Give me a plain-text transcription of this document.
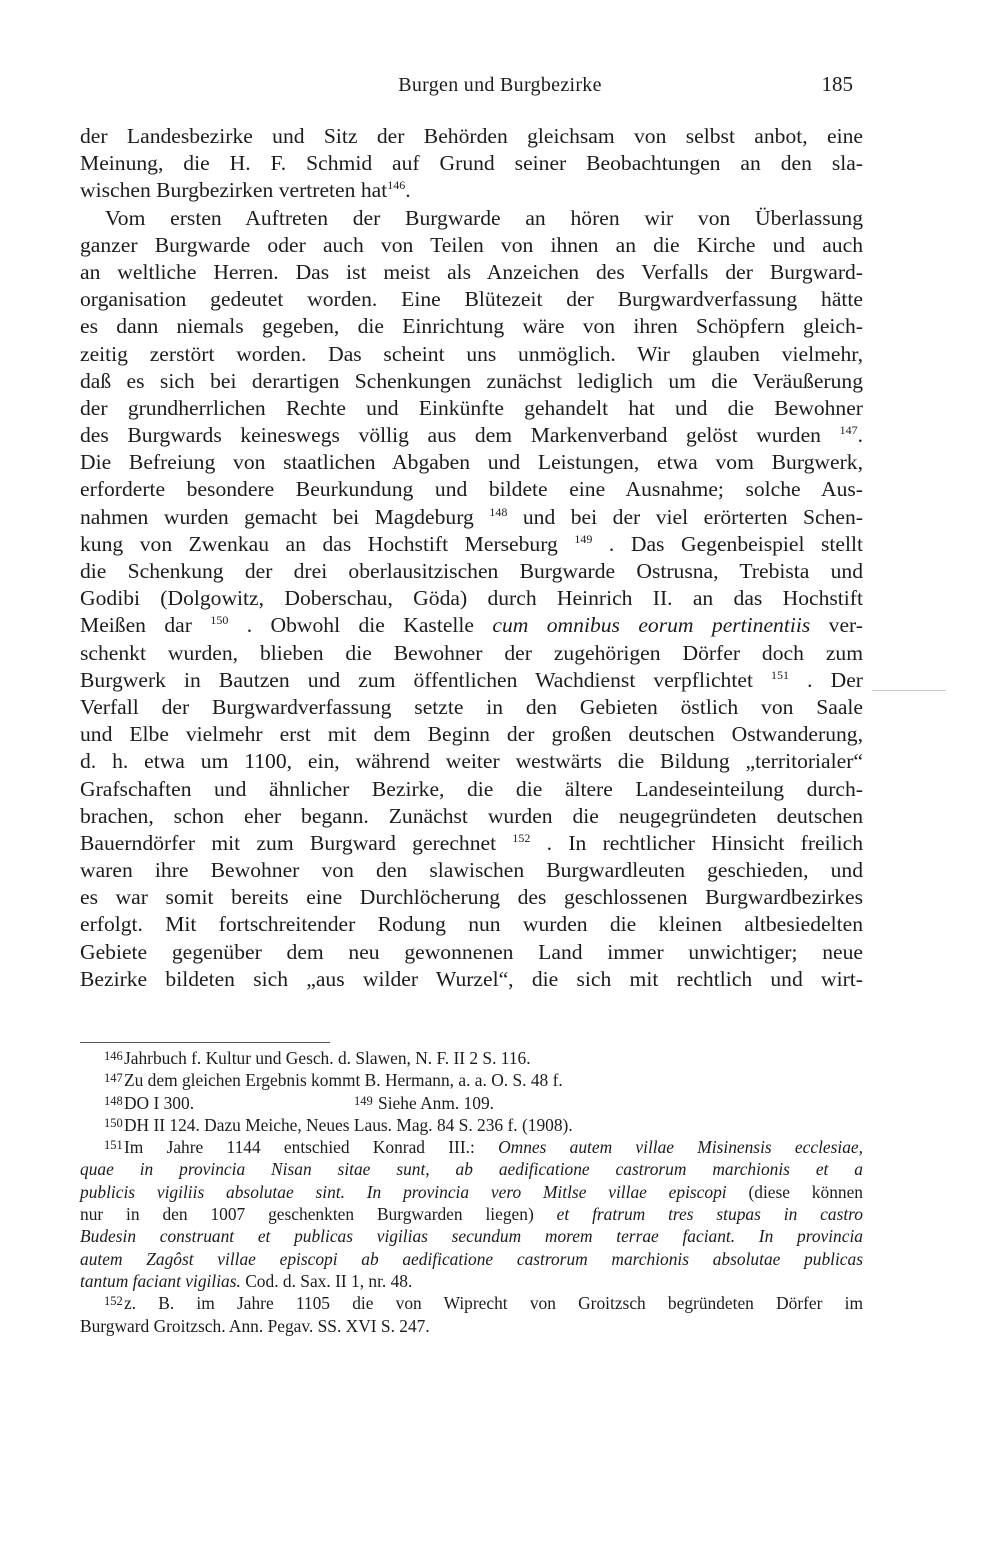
Burgen und Burgbezirke	185
der Landesbezirke und Sitz der Behörden gleichsam von selbst anbot, eine
Meinung, die H. F. Schmid auf Grund seiner Beobachtungen an den sla-
wischen Burgbezirken vertreten hat$^{146}$.
Vom ersten Auftreten der Burgwarde an hören wir von Überlassung
ganzer Burgwarde oder auch von Teilen von ihnen an die Kirche und auch
an weltliche Herren. Das ist meist als Anzeichen des Verfalls der Burgward-
organisation gedeutet worden. Eine Blütezeit der Burgwardverfassung hätte
es dann niemals gegeben, die Einrichtung wäre von ihren Schöpfern gleich-
zeitig zerstört worden. Das scheint uns unmöglich. Wir glauben vielmehr,
daß es sich bei derartigen Schenkungen zunächst lediglich um die Veräußerung
der grundherrlichen Rechte und Einkünfte gehandelt hat und die Bewohner
des Burgwards keineswegs völlig aus dem Markenverband gelöst wurden $^{147}$.
Die Befreiung von staatlichen Abgaben und Leistungen, etwa vom Burgwerk,
erforderte besondere Beurkundung und bildete eine Ausnahme; solche Aus-
nahmen wurden gemacht bei Magdeburg $^{148}$ und bei der viel erörterten Schen-
kung von Zwenkau an das Hochstift Merseburg $^{149}$ . Das Gegenbeispiel stellt
die Schenkung der drei oberlausitzischen Burgwarde Ostrusna, Trebista und
Godibi (Dolgowitz, Doberschau, Göda) durch Heinrich II. an das Hochstift
Meißen dar $^{150}$ . Obwohl die Kastelle cum omnibus eorum pertinentiis ver-
schenkt wurden, blieben die Bewohner der zugehörigen Dörfer doch zum
Burgwerk in Bautzen und zum öffentlichen Wachdienst verpflichtet $^{151}$ . Der
Verfall der Burgwardverfassung setzte in den Gebieten östlich von Saale
und Elbe vielmehr erst mit dem Beginn der großen deutschen Ostwanderung,
d. h. etwa um 1100, ein, während weiter westwärts die Bildung „territorialer“
Grafschaften und ähnlicher Bezirke, die die ältere Landeseinteilung durch-
brachen, schon eher begann. Zunächst wurden die neugegründeten deutschen
Bauerndörfer mit zum Burgward gerechnet $^{152}$ . In rechtlicher Hinsicht freilich
waren ihre Bewohner von den slawischen Burgwardleuten geschieden, und
es war somit bereits eine Durchlöcherung des geschlossenen Burgwardbezirkes
erfolgt. Mit fortschreitender Rodung nun wurden die kleinen altbesiedelten
Gebiete gegenüber dem neu gewonnenen Land immer unwichtiger; neue
Bezirke bildeten sich „aus wilder Wurzel“, die sich mit rechtlich und wirt-
146Jahrbuch f. Kultur und Gesch. d. Slawen, N. F. II 2 S. 116.
147Zu dem gleichen Ergebnis kommt B. Hermann, a. a. O. S. 48 f.
148DO I 300.	149 Siehe Anm. 109.
150DH II 124. Dazu Meiche, Neues Laus. Mag. 84 S. 236 f. (1908).
151Im Jahre 1144 entschied Konrad III.: Omnes autem villae Misinensis ecclesiae,
quae in provincia Nisan sitae sunt, ab aedificatione castrorum marchionis et a
publicis vigiliis absolutae sint. In provincia vero Mitlse villae episcopi (diese können
nur in den 1007 geschenkten Burgwarden liegen) et fratrum tres stupas in castro
Budesin construant et publicas vigilias secundum morem terrae faciant. In provincia
autem Zagôst villae episcopi ab aedificatione castrorum marchionis absolutae publicas
tantum faciant vigilias. Cod. d. Sax. II 1, nr. 48.
152z. B. im Jahre 1105 die von Wiprecht von Groitzsch begründeten Dörfer im
Burgward Groitzsch. Ann. Pegav. SS. XVI S. 247.
